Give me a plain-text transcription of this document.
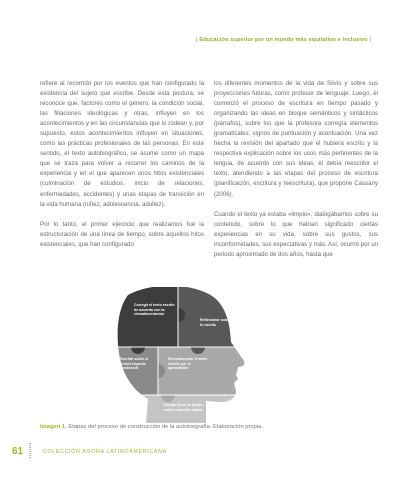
[ Educación superior por un mundo más equitativo e inclusivo ]

refiere al recorrido por los eventos que han configurado la existencia del sujeto que escribe. Desde esta postura, se reconoce que, factores como el género, la condición social, las filiaciones ideológicas y otras, influyen en los acontecimientos y en las circunstancias que lo rodean y, por supuesto, estos acontecimientos influyen en situaciones, como las prácticas profesionales de las personas. En este sentido, el texto autobiográfico, se asume como un mapa que se traza para volver a recorrer los caminos de la experiencia y en el que aparecen unos hitos existenciales (culminación de estudios, inicio de relaciones, enfermedades, accidentes) y unas etapas de transición en la vida humana (niñez, adolescencia, adultez).

Por lo tanto, el primer ejercicio que realizamos fue la estructuración de una línea de tiempo, sobre aquellos hitos existenciales, que han configurado

los diferentes momentos de la vida de Silvio y sobre sus proyecciones futuras, como profesor de lenguaje. Luego, él comenzó el proceso de escritura en tiempo pasado y organizando las ideas en bloque semánticos y sintácticos (párrafos), sobre los que la profesora corregía elementos gramaticales, signos de puntuación y acentuación. Una vez hecha la revisión del apartado que él hubiera escrito y la respectiva explicación sobre los usos más pertinentes de la lengua, de acuerdo con sus ideas, él debía reescribir el texto, atendiendo a las etapas del proceso de escritura (planificación, escritura y reescritura), que propone Cassany (2006).

Cuando el texto ya estaba «limpio», dialogábamos sobre su contenido, sobre lo que habían significado ciertas experiencias en su vida, sobre sus gustos, sus inconformidades, sus expectativas y más. Así, ocurrió por un periodo aproximado de dos años, hasta que

Corregir el texto escrito de acuerdo con la retroalimentación
Reflexionar sobre lo escrito
Escribir sobre el primer trayecto existencial
Retroalimentar el texto escrito por el aprendiente
Dibujar línea de tiempo sobre trayectos vitales
Imagen 1. Etapas del proceso de construcción de la autobiografía. Elaboración propia.
61	COLECCIÓN AGORA LATINOAMERICANA
